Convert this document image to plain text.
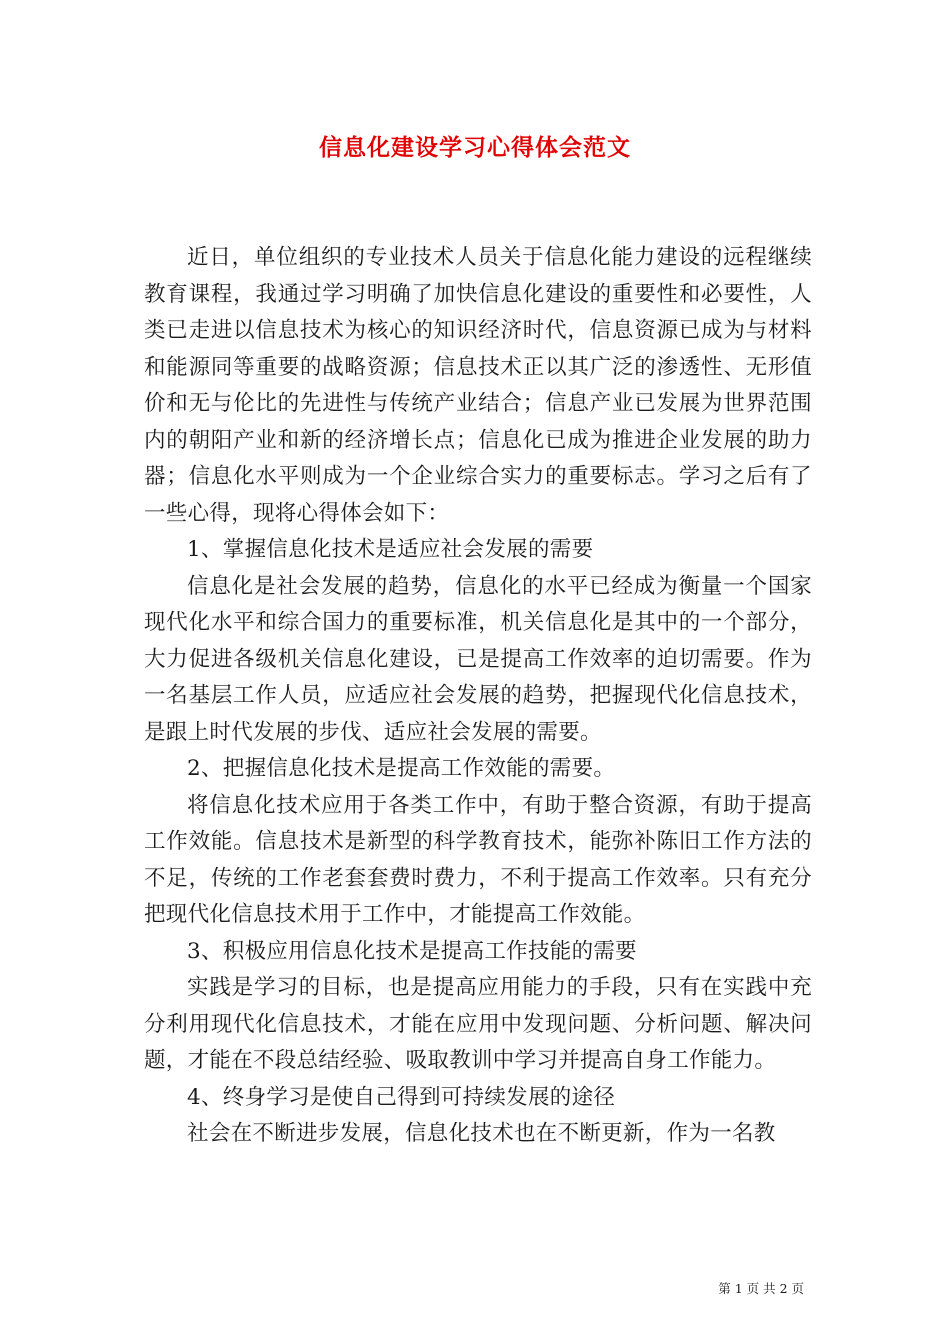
信息化建设学习心得体会范文

近日，单位组织的专业技术人员关于信息化能力建设的远程继续教育课程，我通过学习明确了加快信息化建设的重要性和必要性，人类已走进以信息技术为核心的知识经济时代，信息资源已成为与材料和能源同等重要的战略资源；信息技术正以其广泛的渗透性、无形值价和无与伦比的先进性与传统产业结合；信息产业已发展为世界范围内的朝阳产业和新的经济增长点；信息化已成为推进企业发展的助力器；信息化水平则成为一个企业综合实力的重要标志。学习之后有了一些心得，现将心得体会如下：

1、掌握信息化技术是适应社会发展的需要

信息化是社会发展的趋势，信息化的水平已经成为衡量一个国家现代化水平和综合国力的重要标准，机关信息化是其中的一个部分，大力促进各级机关信息化建设，已是提高工作效率的迫切需要。作为一名基层工作人员，应适应社会发展的趋势，把握现代化信息技术，是跟上时代发展的步伐、适应社会发展的需要。

2、把握信息化技术是提高工作效能的需要。

将信息化技术应用于各类工作中，有助于整合资源，有助于提高工作效能。信息技术是新型的科学教育技术，能弥补陈旧工作方法的不足，传统的工作老套套费时费力，不利于提高工作效率。只有充分把现代化信息技术用于工作中，才能提高工作效能。

3、积极应用信息化技术是提高工作技能的需要

实践是学习的目标，也是提高应用能力的手段，只有在实践中充分利用现代化信息技术，才能在应用中发现问题、分析问题、解决问题，才能在不段总结经验、吸取教训中学习并提高自身工作能力。

4、终身学习是使自己得到可持续发展的途径

社会在不断进步发展，信息化技术也在不断更新，作为一名教

第 1 页 共 2 页
